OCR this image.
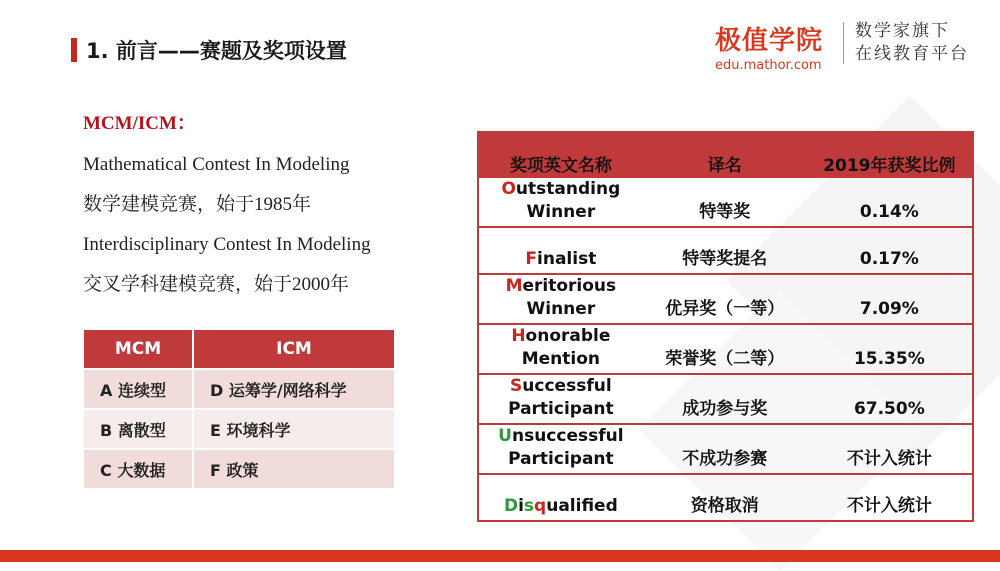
1. 前言——赛题及奖项设置	极值学院
edu.mathor.com
数学家旗下
在线教育平台
MCM/ICM：
Mathematical Contest In Modeling
数学建模竞赛，始于1985年
Interdisciplinary Contest In Modeling
交叉学科建模竞赛，始于2000年
MCM	ICM
A 连续型	D 运筹学/网络科学
B 离散型	E 环境科学
C 大数据	F 政策
奖项英文名称	译名	2019年获奖比例

Outstanding
Winner	特等奖	0.14%

Finalist	特等奖提名	0.17%

Meritorious
Winner	优异奖（一等）	7.09%

Honorable
Mention	荣誉奖（二等）	15.35%

Successful
Participant	成功参与奖	67.50%

Unsuccessful
Participant	不成功参赛	不计入统计

Disqualified	资格取消	不计入统计
